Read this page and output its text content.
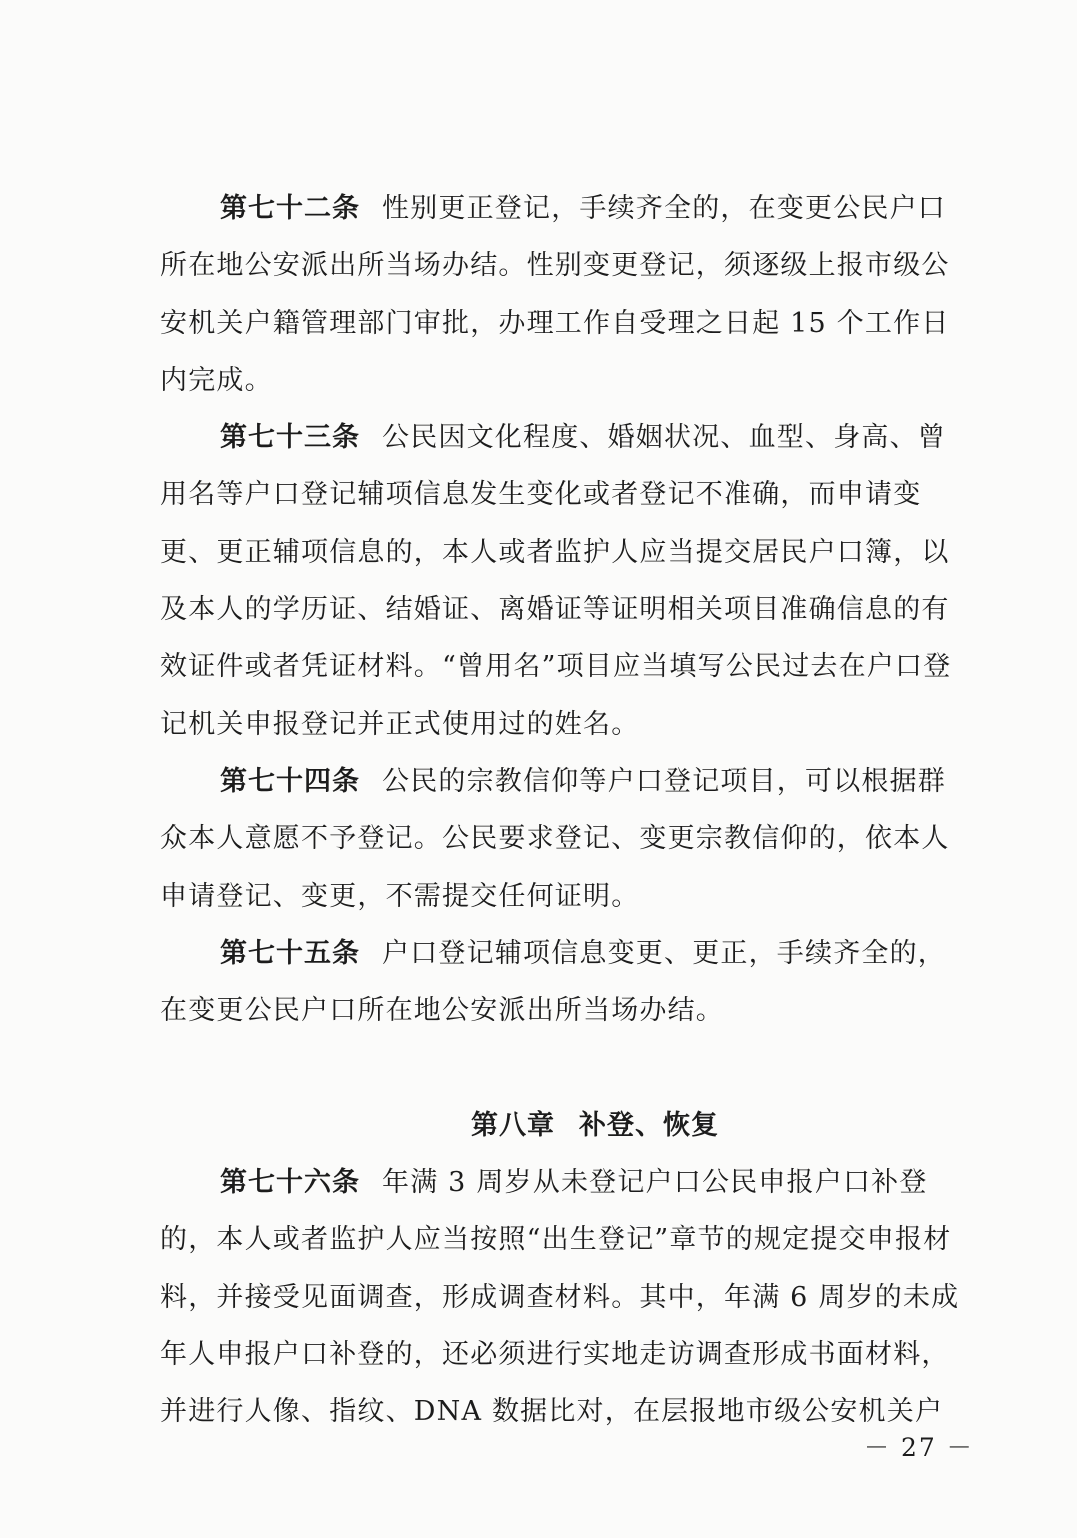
第七十二条 性别更正登记，手续齐全的，在变更公民户口
所在地公安派出所当场办结。性别变更登记，须逐级上报市级公
安机关户籍管理部门审批，办理工作自受理之日起 15 个工作日
内完成。
第七十三条 公民因文化程度、婚姻状况、血型、身高、曾
用名等户口登记辅项信息发生变化或者登记不准确，而申请变
更、更正辅项信息的，本人或者监护人应当提交居民户口簿，以
及本人的学历证、结婚证、离婚证等证明相关项目准确信息的有
效证件或者凭证材料。“曾用名”项目应当填写公民过去在户口登
记机关申报登记并正式使用过的姓名。
第七十四条 公民的宗教信仰等户口登记项目，可以根据群
众本人意愿不予登记。公民要求登记、变更宗教信仰的，依本人
申请登记、变更，不需提交任何证明。
第七十五条 户口登记辅项信息变更、更正，手续齐全的，
在变更公民户口所在地公安派出所当场办结。
第八章 补登、恢复
第七十六条 年满 3 周岁从未登记户口公民申报户口补登
的，本人或者监护人应当按照“出生登记”章节的规定提交申报材
料，并接受见面调查，形成调查材料。其中，年满 6 周岁的未成
年人申报户口补登的，还必须进行实地走访调查形成书面材料，
并进行人像、指纹、DNA 数据比对，在层报地市级公安机关户
－ 27 －
